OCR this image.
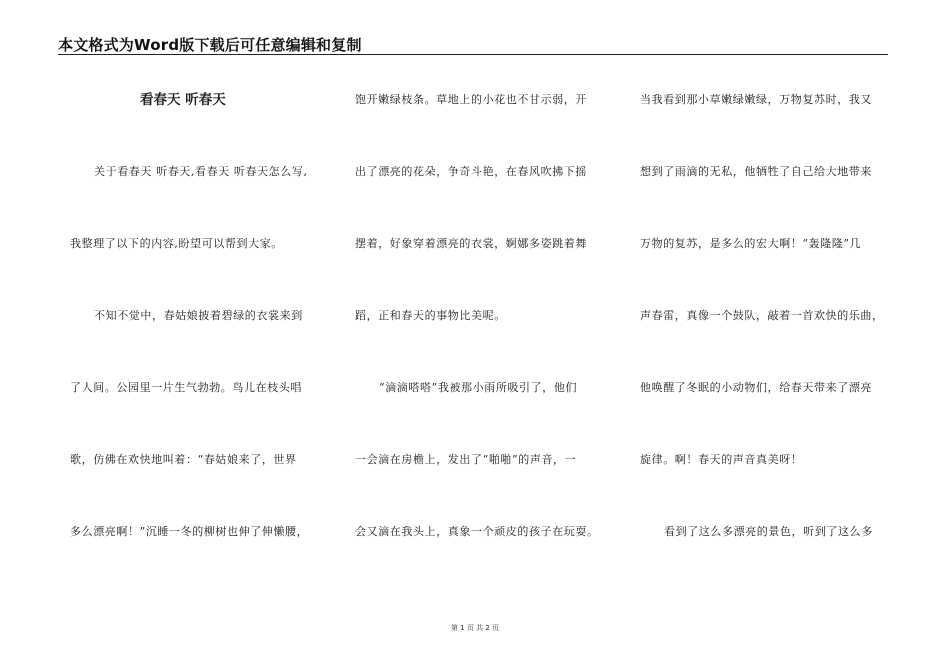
本文格式为Word版下载后可任意编辑和复制
看春天 听春天

关于看春天 听春天,看春天 听春天怎么写,

我整理了以下的内容,盼望可以帮到大家。

不知不觉中，春姑娘披着碧绿的衣裳来到

了人间。公园里一片生气勃勃。鸟儿在枝头唱

歌，仿佛在欢快地叫着：“春姑娘来了，世界

多么漂亮啊！”沉睡一冬的柳树也伸了伸懒腰，

饱开嫩绿枝条。草地上的小花也不甘示弱，开

出了漂亮的花朵，争奇斗艳，在春风吹拂下摇

摆着，好象穿着漂亮的衣裳，婀娜多姿跳着舞

蹈，正和春天的事物比美呢。

“滴滴嗒嗒”我被那小雨所吸引了，他们

一会滴在房檐上，发出了“啪啪”的声音，一

会又滴在我头上，真象一个顽皮的孩子在玩耍。

当我看到那小草嫩绿嫩绿，万物复苏时，我又

想到了雨滴的无私，他牺牲了自己给大地带来

万物的复苏，是多么的宏大啊！“轰隆隆”几

声春雷，真像一个鼓队，敲着一首欢快的乐曲，

他唤醒了冬眠的小动物们，给春天带来了漂亮

旋律。啊！春天的声音真美呀！

看到了这么多漂亮的景色，听到了这么多

第 1 页 共 2 页
